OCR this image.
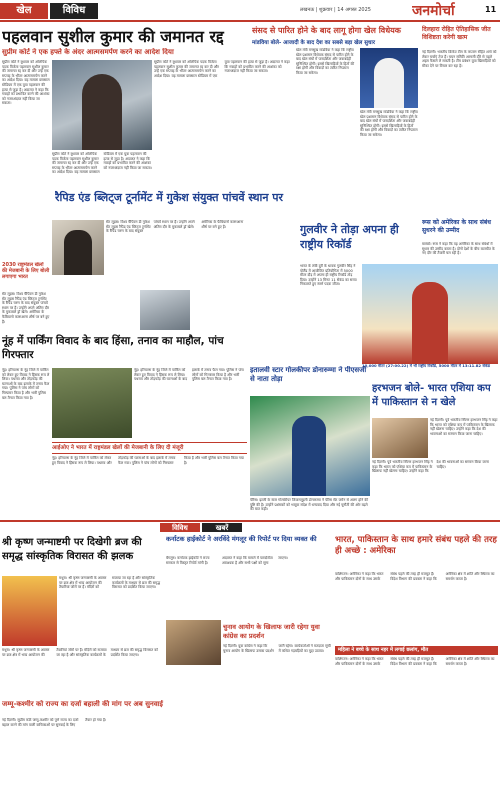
खेल	विविध	लखनऊ | शुक्रवार | 14 अगस्त 2025	जनमोर्चा	11
पहलवान सुशील कुमार की जमानत रद्द
सुप्रीम कोर्ट ने एक हफ्ते के अंदर आत्मसमर्पण करने का आदेश दिया
सुप्रीम कोर्ट ने बुधवार को ओलंपिक पदक विजेता पहलवान सुशील कुमार की जमानत रद्द कर दी और उन्हें एक सप्ताह के भीतर आत्मसमर्पण करने का आदेश दिया। यह मामला छत्रसाल स्टेडियम में एक युवा पहलवान की हत्या से जुड़ा है। अदालत ने कहा कि गवाहों को प्रभावित करने की आशंका को नजरअंदाज नहीं किया जा सकता।
सुप्रीम कोर्ट ने बुधवार को ओलंपिक पदक विजेता पहलवान सुशील कुमार की जमानत रद्द कर दी और उन्हें एक सप्ताह के भीतर आत्मसमर्पण करने का आदेश दिया। यह मामला छत्रसाल स्टेडियम में एक युवा पहलवान की हत्या से जुड़ा है। अदालत ने कहा कि गवाहों को प्रभावित करने की आशंका को नजरअंदाज नहीं किया जा सकता।
सुप्रीम कोर्ट ने बुधवार को ओलंपिक पदक विजेता पहलवान सुशील कुमार की जमानत रद्द कर दी और उन्हें एक सप्ताह के भीतर आत्मसमर्पण करने का आदेश दिया। यह मामला छत्रसाल स्टेडियम में एक युवा पहलवान की हत्या से जुड़ा है। अदालत ने कहा कि गवाहों को प्रभावित करने की आशंका को नजरअंदाज नहीं किया जा सकता।
संसद से पारित होने के बाद लागू होगा खेल विधेयक
मांडविया बोले- आजादी के बाद देश का सबसे बड़ा खेल सुधार
खेल मंत्री मनसुख मांडविया ने कहा कि राष्ट्रीय खेल प्रशासन विधेयक संसद से पारित होने के बाद खेल संघों में पारदर्शिता और जवाबदेही सुनिश्चित होगी। इससे खिलाड़ियों के हितों की रक्षा होगी और विवादों का त्वरित निपटारा किया जा सकेगा।
खेल मंत्री मनसुख मांडविया ने कहा कि राष्ट्रीय खेल प्रशासन विधेयक संसद से पारित होने के बाद खेल संघों में पारदर्शिता और जवाबदेही सुनिश्चित होगी। इससे खिलाड़ियों के हितों की रक्षा होगी और विवादों का त्वरित निपटारा किया जा सकेगा।
दिलहारा रोहित ऐतिहासिक जीत विशिष्टता करेगी खत्म
नई दिल्ली। भारतीय क्रिकेट टीम के कप्तान रोहित शर्मा को लेकर चर्चाएं तेज हैं। चयन समिति आगामी दौरे से पहले अहम फैसले ले सकती है। टीम प्रबंधन युवा खिलाड़ियों को मौका देने पर विचार कर रहा है।
रूस को अमेरिका के साथ संबंध सुधरने की उम्मीद
मास्को। रूस ने कहा कि वह अमेरिका के साथ संबंधों में सुधार की उम्मीद करता है। दोनों देशों के बीच बातचीत के नए दौर की तैयारी चल रही है।
रैपिड एंड ब्लिट्ज टूर्नामेंट में गुकेश संयुक्त पांचवें स्थान पर
2030 राष्ट्रमंडल खेलों की मेजबानी के लिए बोली लगाएगा भारत
सेंट लुइस। विश्व चैंपियन डी गुकेश सेंट लुइस रैपिड एंड ब्लिट्ज टूर्नामेंट के रैपिड चरण के बाद संयुक्त पांचवें स्थान पर हैं। उन्होंने अपने अंतिम दौर के मुकाबले ड्रॉ खेले। अमेरिका के फैबियानो कारूआना शीर्ष पर बने हुए हैं।
सेंट लुइस। विश्व चैंपियन डी गुकेश सेंट लुइस रैपिड एंड ब्लिट्ज टूर्नामेंट के रैपिड चरण के बाद संयुक्त पांचवें स्थान पर हैं। उन्होंने अपने अंतिम दौर के मुकाबले ड्रॉ खेले। अमेरिका के फैबियानो कारूआना शीर्ष पर बने हुए हैं।	गुलवीर ने तोड़ा अपना ही राष्ट्रीय रिकॉर्ड
भारत के लंबी दूरी के धावक गुलवीर सिंह ने पोलैंड में आयोजित प्रतियोगिता में 5000 मीटर दौड़ में अपना ही राष्ट्रीय रिकॉर्ड तोड़ दिया। उन्होंने 13 मिनट 11 सेकंड का समय निकालते हुए स्वर्ण पदक जीता।
10,000 मीटर (27:00.22) में भी राष्ट्रीय रिकॉर्ड, 5000 मीटर में 13:11.82 सेकंड
नूंह में पार्किंग विवाद के बाद हिंसा, तनाव का माहौल, पांच गिरफ्तार
नूंह। हरियाणा के नूंह जिले में पार्किंग को लेकर हुए विवाद ने हिंसक रूप ले लिया। पथराव और तोड़फोड़ की घटनाओं के बाद इलाके में तनाव फैल गया। पुलिस ने पांच लोगों को गिरफ्तार किया है और भारी पुलिस बल तैनात किया गया है।
नूंह। हरियाणा के नूंह जिले में पार्किंग को लेकर हुए विवाद ने हिंसक रूप ले लिया। पथराव और तोड़फोड़ की घटनाओं के बाद इलाके में तनाव फैल गया। पुलिस ने पांच लोगों को गिरफ्तार किया है और भारी पुलिस बल तैनात किया गया है।
आईओए ने भारत में राष्ट्रमंडल खेलों की मेजबानी के लिए दी मंजूरी
नूंह। हरियाणा के नूंह जिले में पार्किंग को लेकर हुए विवाद ने हिंसक रूप ले लिया। पथराव और तोड़फोड़ की घटनाओं के बाद इलाके में तनाव फैल गया। पुलिस ने पांच लोगों को गिरफ्तार किया है और भारी पुलिस बल तैनात किया गया है।
इतालवी स्टार गोलकीपर डोनारुम्मा ने पीएसजी से नाता तोड़ा
पेरिस। इटली के स्टार गोलकीपर जियानलुइगी डोनारुम्मा ने पेरिस सेंट जर्मेन से अलग होने की पुष्टि की है। उन्होंने प्रशंसकों को भावुक संदेश में धन्यवाद दिया और नई चुनौती की ओर बढ़ने की बात कही।
हरभजन बोले- भारत एशिया कप में पाकिस्तान से न खेले
नई दिल्ली। पूर्व भारतीय स्पिनर हरभजन सिंह ने कहा कि भारत को एशिया कप में पाकिस्तान के खिलाफ नहीं खेलना चाहिए। उन्होंने कहा कि देश की भावनाओं का सम्मान किया जाना चाहिए।
नई दिल्ली। पूर्व भारतीय स्पिनर हरभजन सिंह ने कहा कि भारत को एशिया कप में पाकिस्तान के खिलाफ नहीं खेलना चाहिए। उन्होंने कहा कि देश की भावनाओं का सम्मान किया जाना चाहिए।
विविध	खबरें
श्री कृष्ण जन्माष्टमी पर दिखेगी ब्रज की समृद्ध सांस्कृतिक विरासत की झलक
मथुरा। श्री कृष्ण जन्माष्टमी के अवसर पर ब्रज क्षेत्र में भव्य आयोजन की तैयारियां जोरों पर हैं। मंदिरों को सजाया जा रहा है और सांस्कृतिक कार्यक्रमों के माध्यम से ब्रज की समृद्ध विरासत को प्रदर्शित किया जाएगा।
मथुरा। श्री कृष्ण जन्माष्टमी के अवसर पर ब्रज क्षेत्र में भव्य आयोजन की तैयारियां जोरों पर हैं। मंदिरों को सजाया जा रहा है और सांस्कृतिक कार्यक्रमों के माध्यम से ब्रज की समृद्ध विरासत को प्रदर्शित किया जाएगा।
कर्नाटक हाईकोर्ट ने अरविंदे मंगलूर की रिपोर्ट पर दिया व्यक्त की
बेंगलुरु। कर्नाटक हाईकोर्ट ने राज्य सरकार से विस्तृत रिपोर्ट मांगी है। अदालत ने कहा कि मामले में पारदर्शिता आवश्यक है और सभी पक्षों को सुना जाएगा।
चुनाव आयोग के खिलाफ जारी रहेगा युवा कांग्रेस का प्रदर्शन
नई दिल्ली। युवा कांग्रेस ने कहा कि चुनाव आयोग के खिलाफ उसका प्रदर्शन जारी रहेगा। कार्यकर्ताओं ने मतदाता सूची में कथित गड़बड़ियों का मुद्दा उठाया।
भारत, पाकिस्तान के साथ हमारे संबंध पहले की तरह ही अच्छे : अमेरिका
वाशिंगटन। अमेरिका ने कहा कि भारत और पाकिस्तान दोनों के साथ उसके संबंध पहले की तरह ही मजबूत हैं। विदेश विभाग की प्रवक्ता ने कहा कि अमेरिका क्षेत्र में शांति और स्थिरता का समर्थन करता है।
महिला ने बच्चे के साथ नहर में लगाई छलांग, मौत
वाशिंगटन। अमेरिका ने कहा कि भारत और पाकिस्तान दोनों के साथ उसके संबंध पहले की तरह ही मजबूत हैं। विदेश विभाग की प्रवक्ता ने कहा कि अमेरिका क्षेत्र में शांति और स्थिरता का समर्थन करता है।
जम्मू-कश्मीर को राज्य का दर्जा बहाली की मांग पर अब सुनवाई
नई दिल्ली। सुप्रीम कोर्ट जम्मू-कश्मीर को पूर्ण राज्य का दर्जा बहाल करने की मांग वाली याचिकाओं पर सुनवाई के लिए तैयार हो गया है।
